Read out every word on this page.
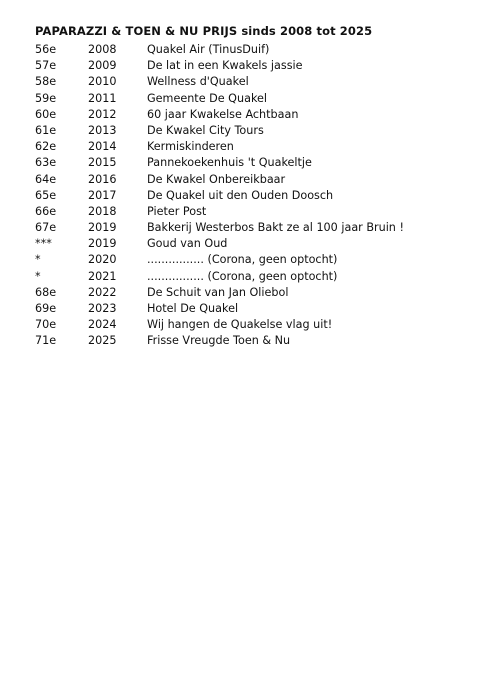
PAPARAZZI & TOEN & NU PRIJS sinds 2008 tot 2025
56e	2008	Quakel Air (TinusDuif)
57e	2009	De lat in een Kwakels jassie
58e	2010	Wellness d'Quakel
59e	2011	Gemeente De Quakel
60e	2012	60 jaar Kwakelse Achtbaan
61e	2013	De Kwakel City Tours
62e	2014	Kermiskinderen
63e	2015	Pannekoekenhuis 't Quakeltje
64e	2016	De Kwakel Onbereikbaar
65e	2017	De Quakel uit den Ouden Doosch
66e	2018	Pieter Post
67e	2019	Bakkerij Westerbos Bakt ze al 100 jaar Bruin !
***	2019	Goud van Oud
*	2020	................ (Corona, geen optocht)
*	2021	................ (Corona, geen optocht)
68e	2022	De Schuit van Jan Oliebol
69e	2023	Hotel De Quakel
70e	2024	Wij hangen de Quakelse vlag uit!
71e	2025	Frisse Vreugde Toen & Nu
